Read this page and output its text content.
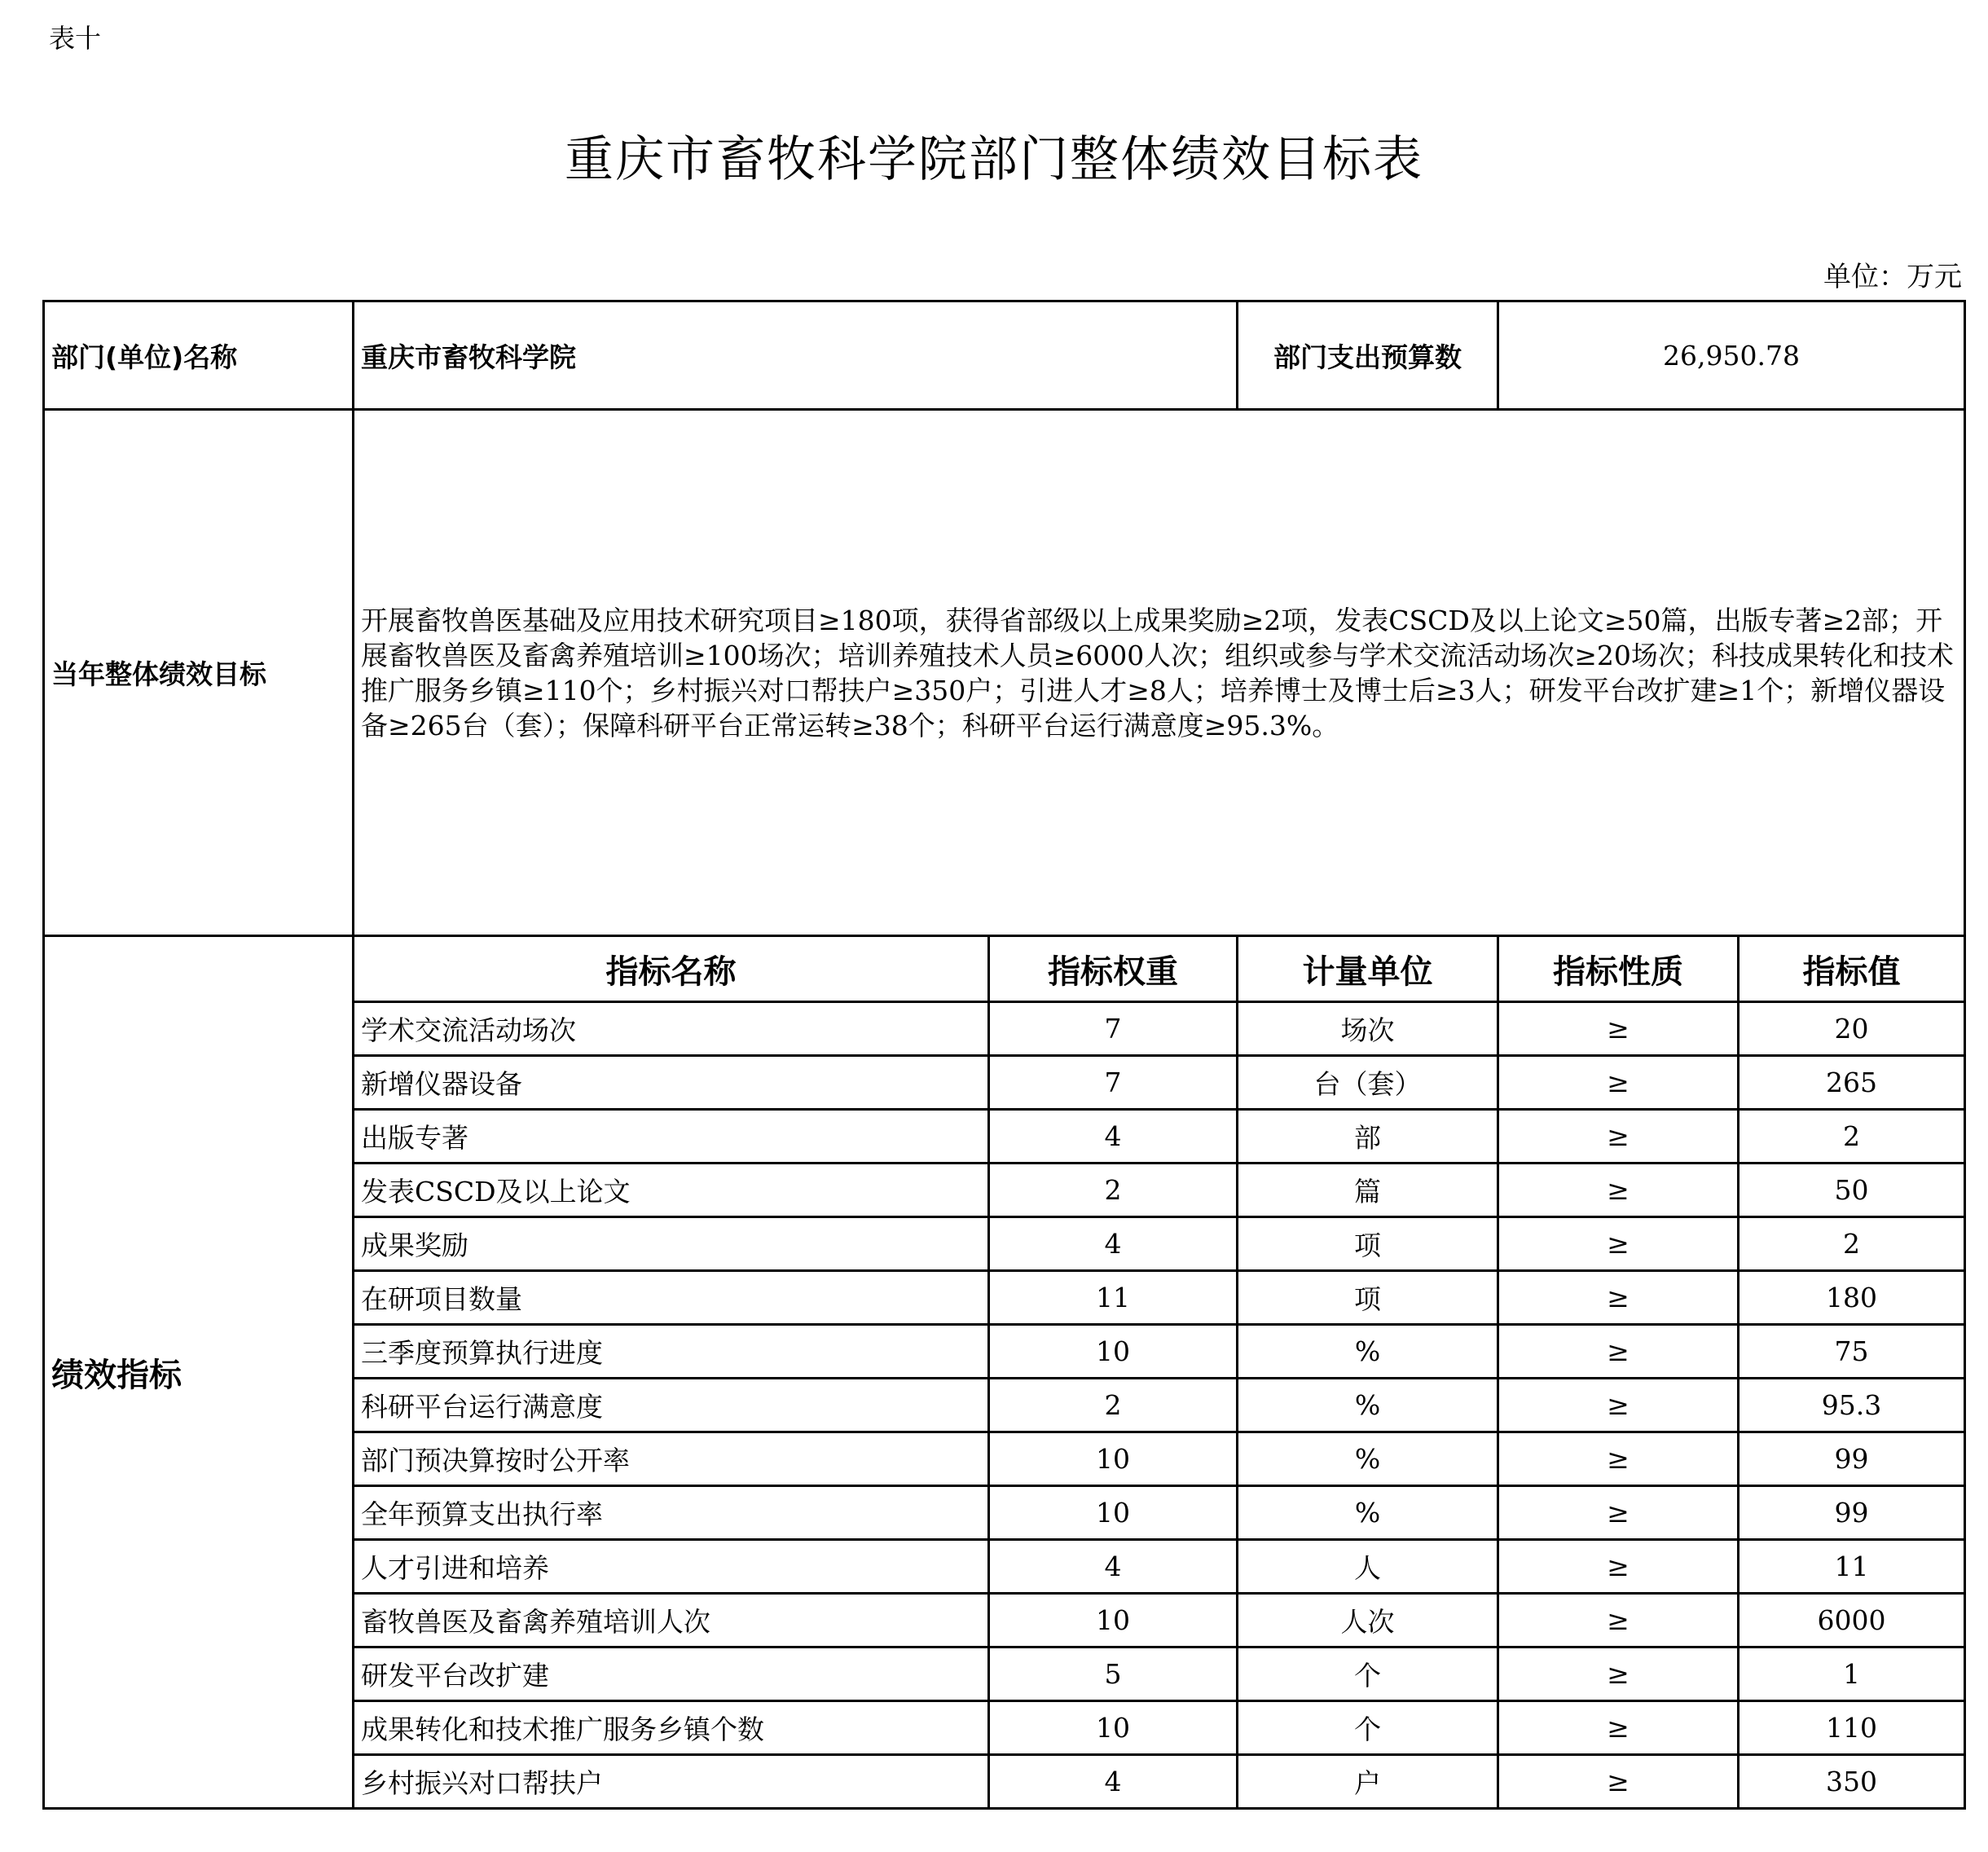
表十
重庆市畜牧科学院部门整体绩效目标表
单位：万元
部门(单位)名称	重庆市畜牧科学院		部门支出预算数	26,950.78	
当年整体绩效目标	开展畜牧兽医基础及应用技术研究项目≥180项，获得省部级以上成果奖励≥2项，发表CSCD及以上论文≥50篇，出版专著≥2部；开展畜牧兽医及畜禽养殖培训≥100场次；培训养殖技术人员≥6000人次；组织或参与学术交流活动场次≥20场次；科技成果转化和技术推广服务乡镇≥110个；乡村振兴对口帮扶户≥350户；引进人才≥8人；培养博士及博士后≥3人；研发平台改扩建≥1个；新增仪器设备≥265台（套）；保障科研平台正常运转≥38个；科研平台运行满意度≥95.3%。				
绩效指标	指标名称	指标权重	计量单位	指标性质	指标值
	学术交流活动场次	7	场次	≥	20
	新增仪器设备	7	台（套）	≥	265
	出版专著	4	部	≥	2
	发表CSCD及以上论文	2	篇	≥	50
	成果奖励	4	项	≥	2
	在研项目数量	11	项	≥	180
	三季度预算执行进度	10	%	≥	75
	科研平台运行满意度	2	%	≥	95.3
	部门预决算按时公开率	10	%	≥	99
	全年预算支出执行率	10	%	≥	99
	人才引进和培养	4	人	≥	11
	畜牧兽医及畜禽养殖培训人次	10	人次	≥	6000
	研发平台改扩建	5	个	≥	1
	成果转化和技术推广服务乡镇个数	10	个	≥	110
	乡村振兴对口帮扶户	4	户	≥	350
